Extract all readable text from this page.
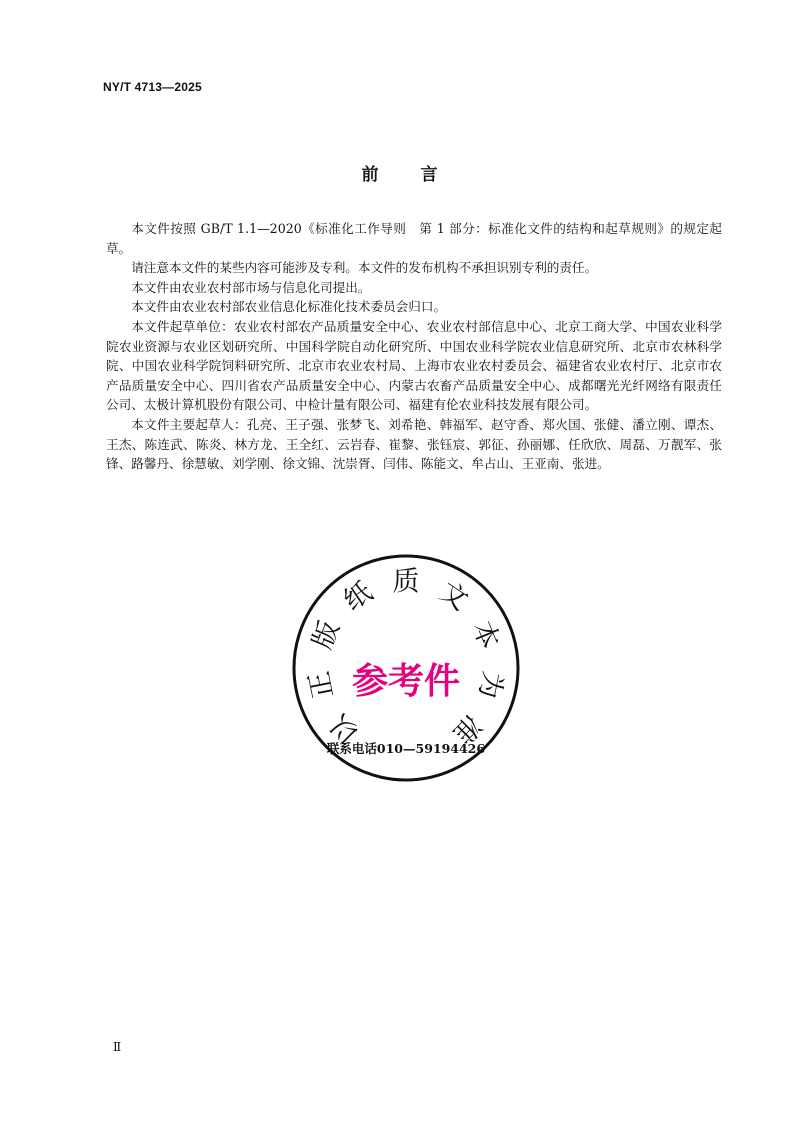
NY/T 4713—2025
前言

本文件按照 GB/T 1.1—2020《标准化工作导则　第 1 部分：标准化文件的结构和起草规则》的规定起草。

请注意本文件的某些内容可能涉及专利。本文件的发布机构不承担识别专利的责任。

本文件由农业农村部市场与信息化司提出。

本文件由农业农村部农业信息化标准化技术委员会归口。

本文件起草单位：农业农村部农产品质量安全中心、农业农村部信息中心、北京工商大学、中国农业科学院农业资源与农业区划研究所、中国科学院自动化研究所、中国农业科学院农业信息研究所、北京市农林科学院、中国农业科学院饲料研究所、北京市农业农村局、上海市农业农村委员会、福建省农业农村厅、北京市农产品质量安全中心、四川省农产品质量安全中心、内蒙古农畜产品质量安全中心、成都曙光光纤网络有限责任公司、太极计算机股份有限公司、中检计量有限公司、福建有伦农业科技发展有限公司。

本文件主要起草人：孔亮、王子强、张梦飞、刘希艳、韩福军、赵守香、郑火国、张健、潘立刚、谭杰、王杰、陈连武、陈炎、林方龙、王全红、云岩春、崔黎、张钰宸、郭征、孙丽娜、任欣欣、周磊、万靓军、张锋、路馨丹、徐慧敏、刘学刚、徐文锦、沈崇胥、闫伟、陈能文、牟占山、王亚南、张进。

以
正
版
纸 质 文
本
为
准
参考件
联系电话010—59194426
Ⅱ
